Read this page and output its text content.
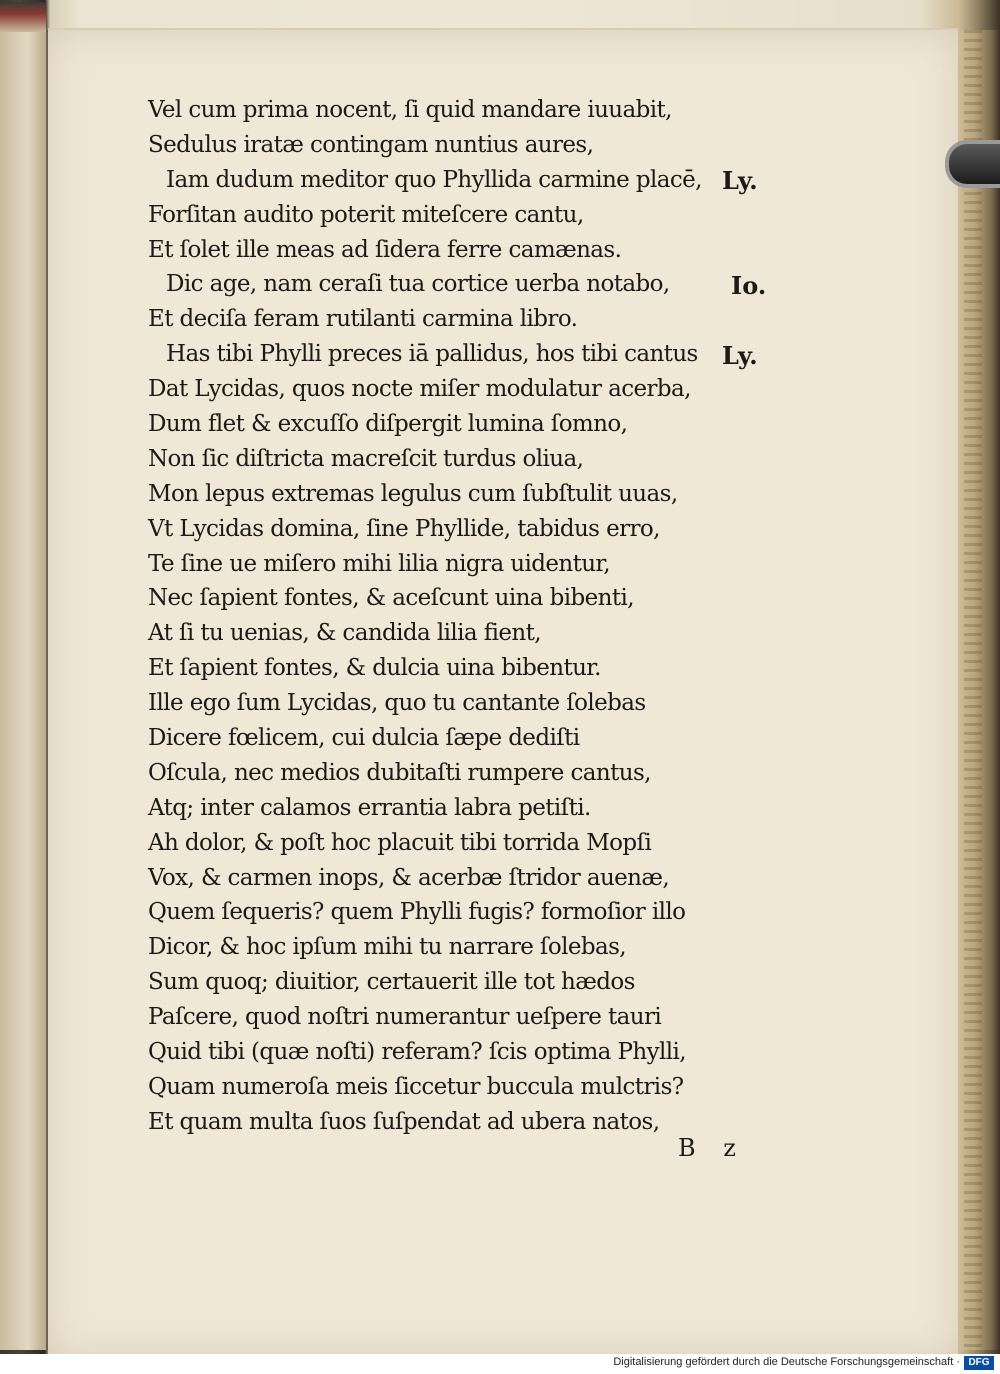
Vel cum prima nocent, ſi quid mandare iuuabit,
Sedulus iratæ contingam nuntius aures,
Iam dudum meditor quo Phyllida carmine placē,
Forſitan audito poterit miteſcere cantu,
Et ſolet ille meas ad ſidera ferre camænas.
Dic age, nam ceraſi tua cortice uerba notabo,
Et deciſa feram rutilanti carmina libro.
Has tibi Phylli preces iā pallidus, hos tibi cantus
Dat Lycidas, quos nocte miſer modulatur acerba,
Dum flet & excuſſo diſpergit lumina ſomno,
Non ſic diſtricta macreſcit turdus oliua,
Mon lepus extremas legulus cum ſubſtulit uuas,
Vt Lycidas domina, ſine Phyllide, tabidus erro,
Te ſine ue miſero mihi lilia nigra uidentur,
Nec ſapient fontes, & aceſcunt uina bibenti,
At ſi tu uenias, & candida lilia fient,
Et ſapient fontes, & dulcia uina bibentur.
Ille ego ſum Lycidas, quo tu cantante ſolebas
Dicere fœlicem, cui dulcia ſæpe dediſti
Oſcula, nec medios dubitaſti rumpere cantus,
Atq; inter calamos errantia labra petiſti.
Ah dolor, & poſt hoc placuit tibi torrida Mopſi
Vox, & carmen inops, & acerbæ ſtridor auenæ,
Quem ſequeris? quem Phylli fugis? formoſior illo
Dicor, & hoc ipſum mihi tu narrare ſolebas,
Sum quoq; diuitior, certauerit ille tot hædos
Paſcere, quod noſtri numerantur ueſpere tauri
Quid tibi (quæ noſti) referam? ſcis optima Phylli,
Quam numeroſa meis ſiccetur buccula mulctris?
Et quam multa ſuos ſuſpendat ad ubera natos,
Ly.
Io.
Ly.
B z
Digitalisierung gefördert durch die Deutsche Forschungsgemeinschaft · DFG
